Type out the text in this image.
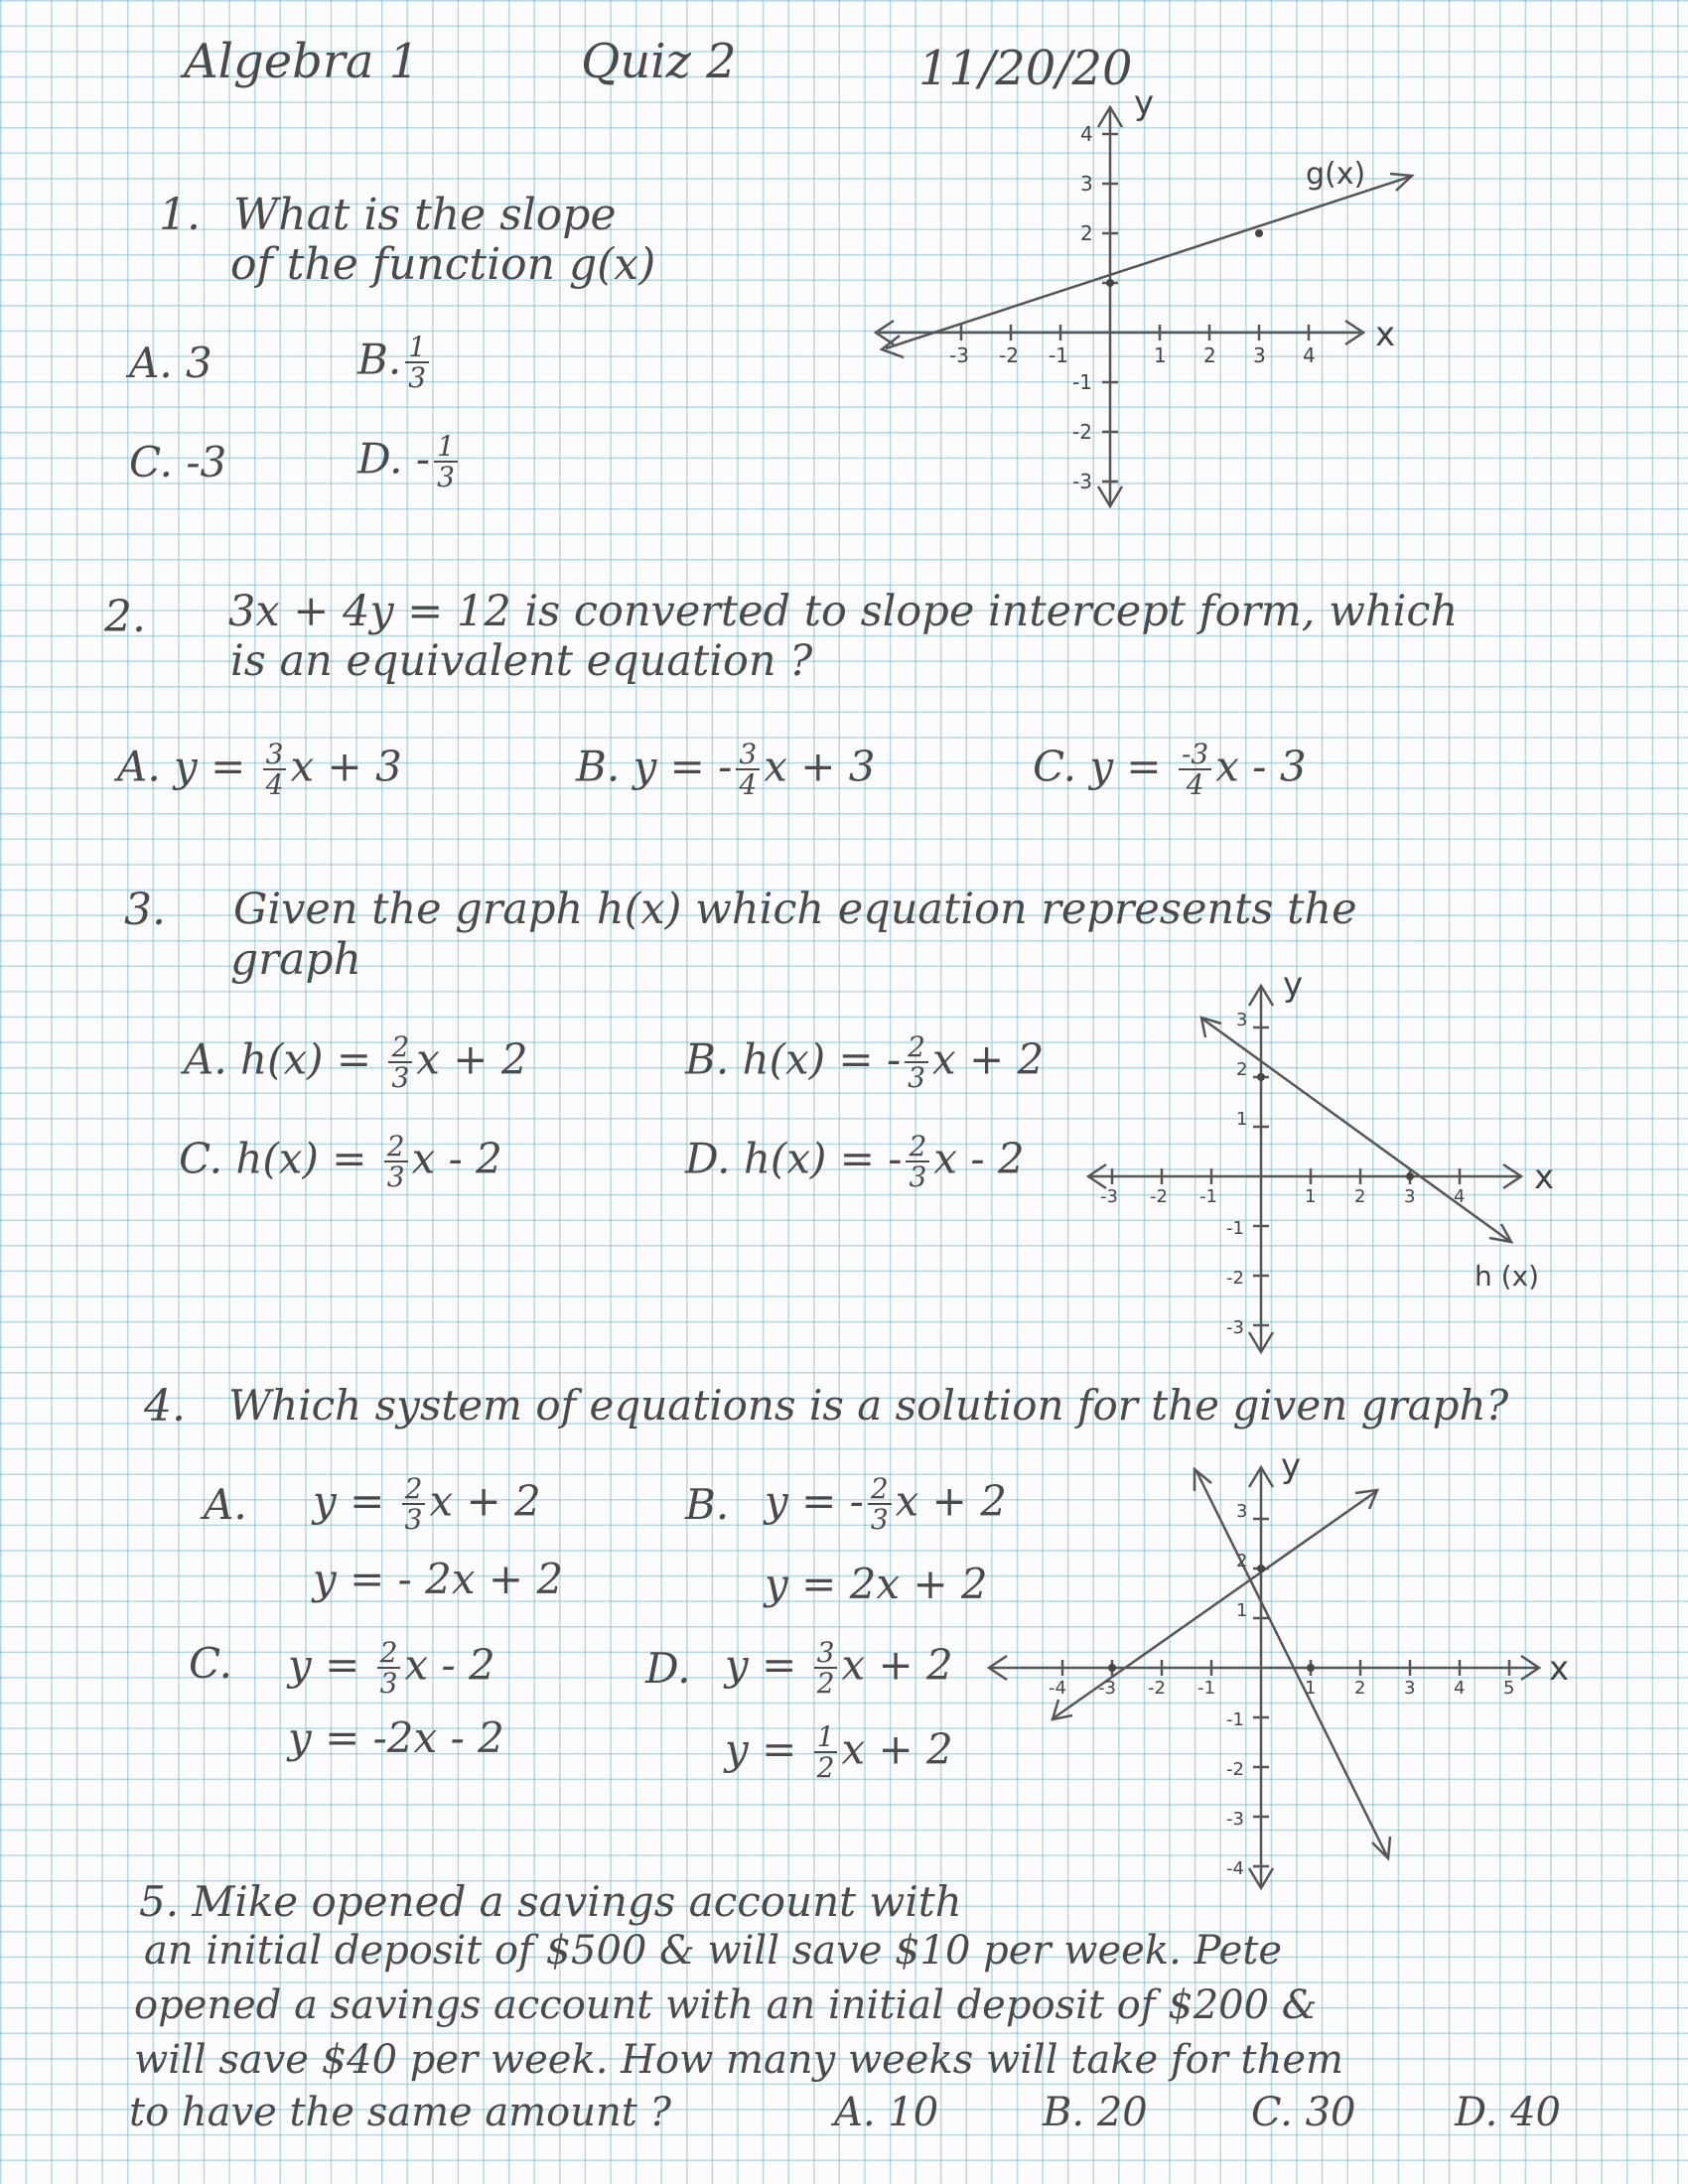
Algebra 1	Quiz 2	11/20/20
1. What is the slope
of the function g(x)
A. 3	B. $\frac{1}{3}$
C. -3	D. - $\frac{1}{3}$
g(x)
x
y
-3 -2 -1	1 2 3 4
4
3
2
-1
-2
-3
2. 3x + 4y = 12 is converted to slope intercept form, which
is an equivalent equation ?
A. $y = \frac{3}{4}$ x + 3	B. y = - $\frac{3}{4}$ x + 3	C. $y = \frac{-3}{4}$ x - 3
3. Given the graph h(x) which equation represents the
graph
A. $h(x) = \frac{2}{3}$ x + 2	B. h(x) = - $\frac{2}{3}$ x + 2
C. $h(x) = \frac{2}{3}$ x - 2	D. h(x) = - $\frac{2}{3}$ x - 2
h (x)
x
y
-3 -2 -1	1 2 3 4
3
2
1
-1
-2
-3
4. Which system of equations is a solution for the given graph?
A. $y = \frac{2}{3}$ x + 2
y = - 2x + 2
B. y = - $\frac{2}{3}$ x + 2
y = 2x + 2
C. $y = \frac{2}{3}$ x - 2
y = -2x - 2
D. $y = \frac{3}{2}$ x + 2
$y = \frac{1}{2}$ x + 2
x
y
-4 -3 -2 -1	1 2 3 4 5
3
2
1
-1
-2
-3
-4
5. Mike opened a savings account with
an initial deposit of $500 & will save $10 per week. Pete
opened a savings account with an initial deposit of $200 &
will save $40 per week. How many weeks will take for them
to have the same amount ?	A. 10	B. 20	C. 30 D. 40
